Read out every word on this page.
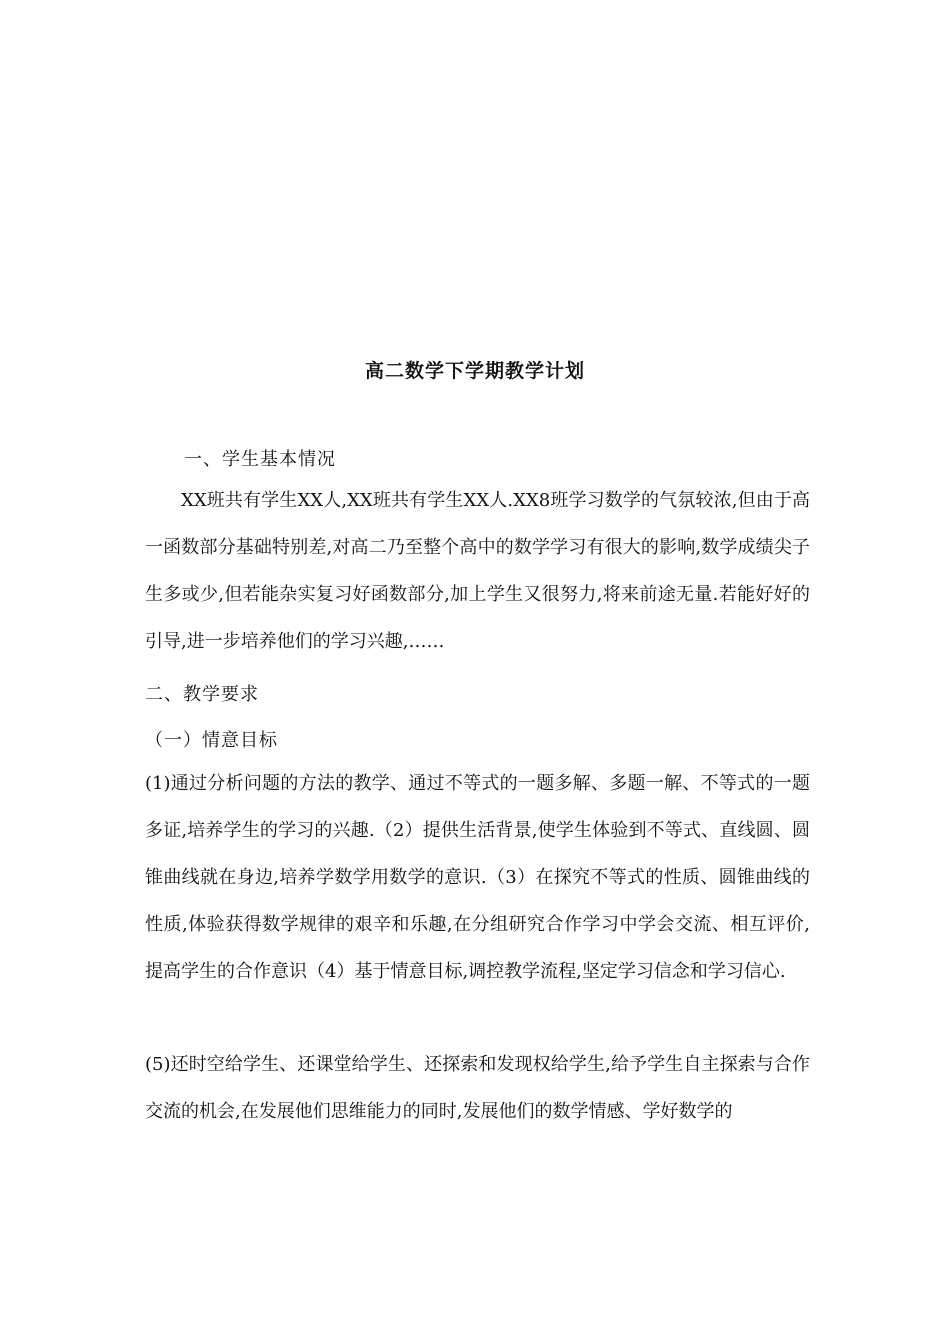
高二数学下学期教学计划
一、学生基本情况
XX班共有学生XX人,XX班共有学生XX人.XX8班学习数学的气氛较浓,但由于高一函数部分基础特别差,对高二乃至整个高中的数学学习有很大的影响,数学成绩尖子生多或少,但若能杂实复习好函数部分,加上学生又很努力,将来前途无量.若能好好的引导,进一步培养他们的学习兴趣,……
二、教学要求
（一）情意目标
(1)通过分析问题的方法的教学、通过不等式的一题多解、多题一解、不等式的一题多证,培养学生的学习的兴趣.（2）提供生活背景,使学生体验到不等式、直线圆、圆锥曲线就在身边,培养学数学用数学的意识.（3）在探究不等式的性质、圆锥曲线的性质,体验获得数学规律的艰辛和乐趣,在分组研究合作学习中学会交流、相互评价,提高学生的合作意识（4）基于情意目标,调控教学流程,坚定学习信念和学习信心.
(5)还时空给学生、还课堂给学生、还探索和发现权给学生,给予学生自主探索与合作交流的机会,在发展他们思维能力的同时,发展他们的数学情感、学好数学的
